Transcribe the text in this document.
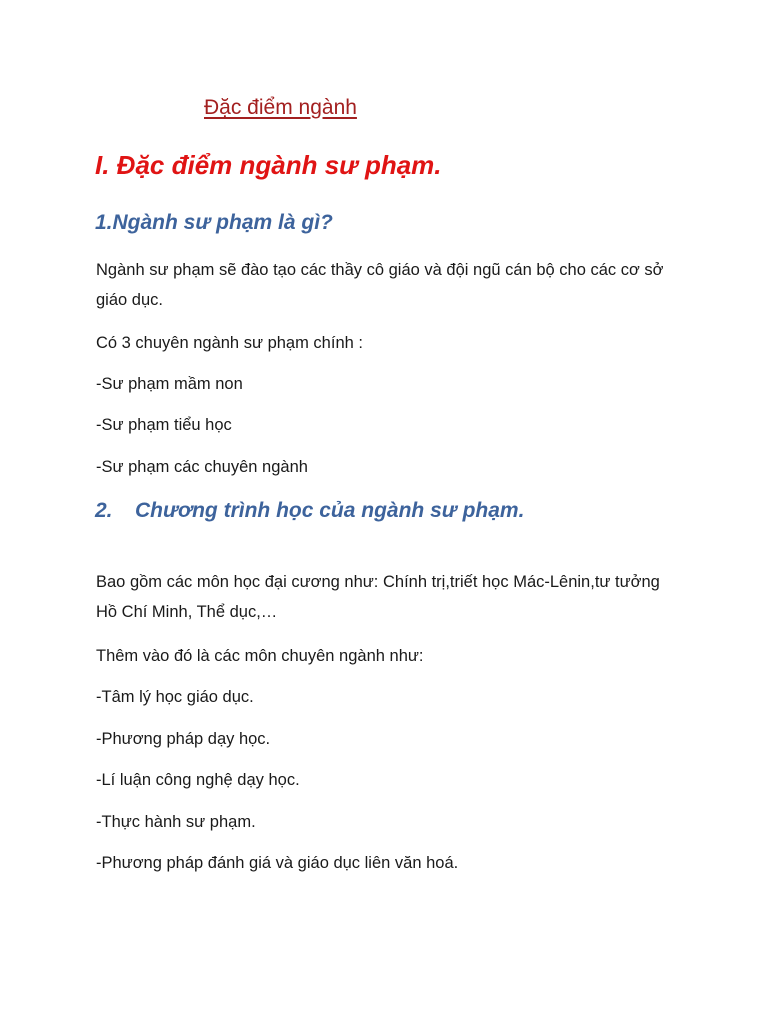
Đặc điểm ngành
I. Đặc điểm ngành sư phạm.
1.Ngành sư phạm là gì?
Ngành sư phạm sẽ đào tạo các thầy cô giáo và đội ngũ cán bộ cho các cơ sở giáo dục.
Có 3 chuyên ngành sư phạm chính :
-Sư phạm mầm non
-Sư phạm tiểu học
-Sư phạm các chuyên ngành
2. Chương trình học của ngành sư phạm.
Bao gồm các môn học đại cương như: Chính trị,triết học Mác-Lênin,tư tưởng Hồ Chí Minh, Thể dục,…
Thêm vào đó là các môn chuyên ngành như:
-Tâm lý học giáo dục.
-Phương pháp dạy học.
-Lí luận công nghệ dạy học.
-Thực hành sư phạm.
-Phương pháp đánh giá và giáo dục liên văn hoá.
